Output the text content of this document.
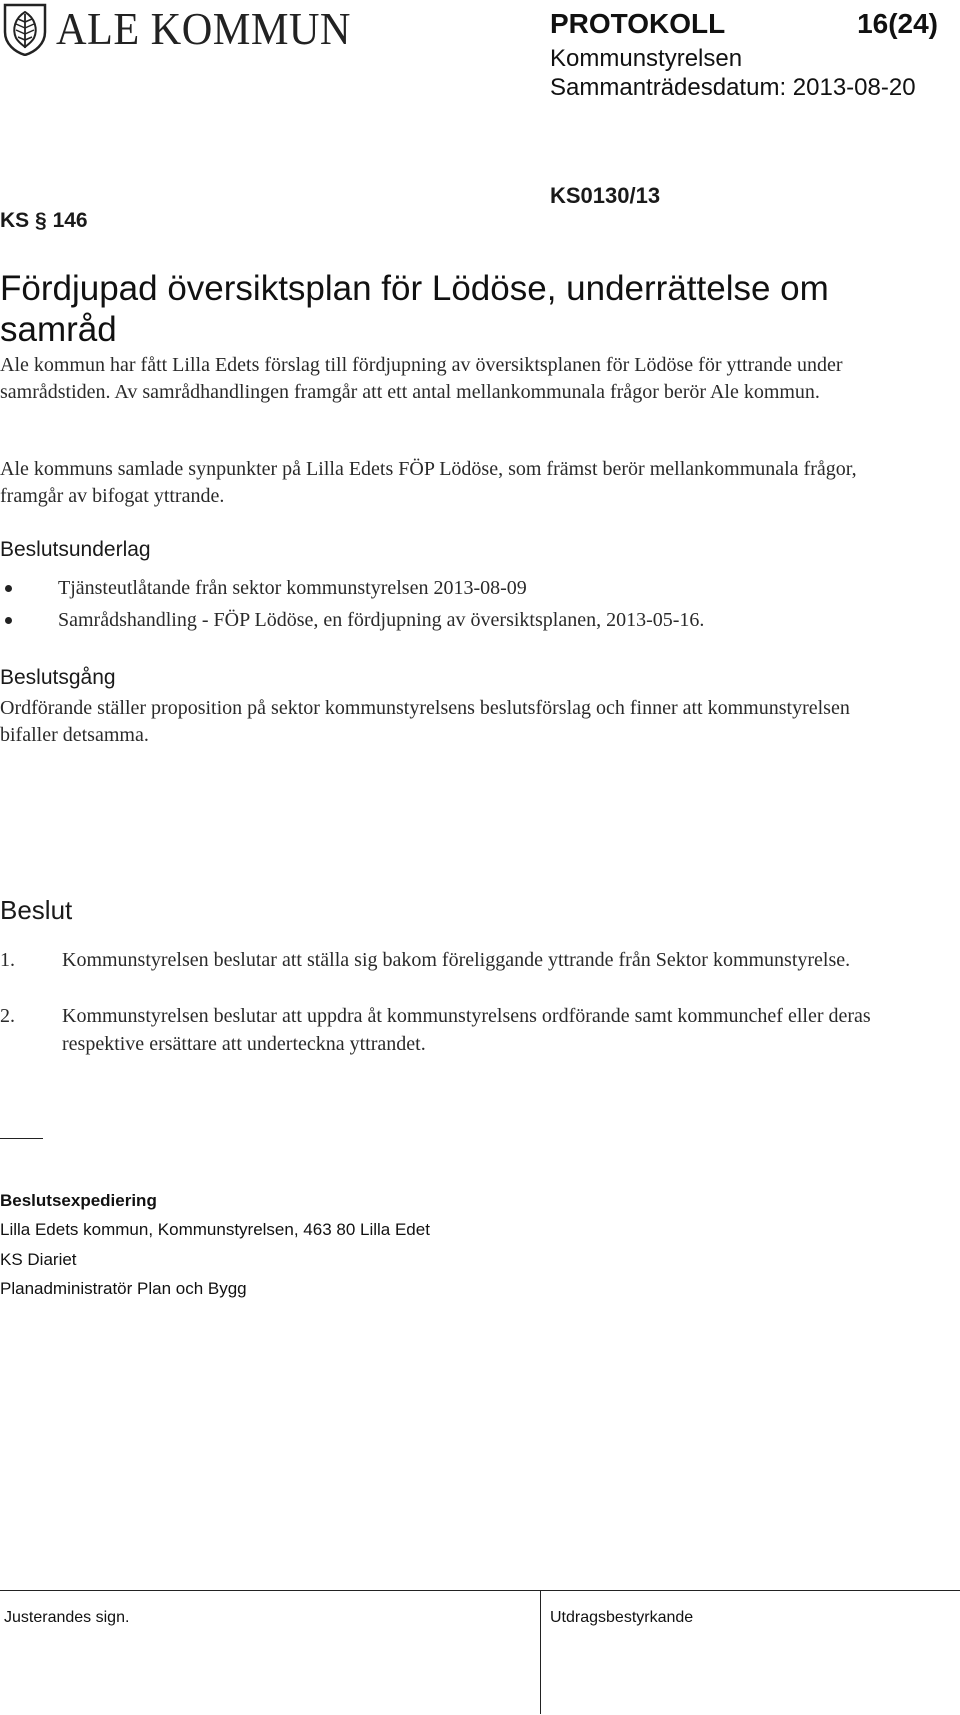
ALE KOMMUN	PROTOKOLL	16(24)
Kommunstyrelsen
Sammanträdesdatum: 2013-08-20
KS § 146
KS0130/13
Fördjupad översiktsplan för Lödöse, underrättelse om samråd
Ale kommun har fått Lilla Edets förslag till fördjupning av översiktsplanen för Lödöse för yttrande under samrådstiden. Av samrådhandlingen framgår att ett antal mellankommunala frågor berör Ale kommun.
Ale kommuns samlade synpunkter på Lilla Edets FÖP Lödöse, som främst berör mellankommunala frågor, framgår av bifogat yttrande.
Beslutsunderlag
Tjänsteutlåtande från sektor kommunstyrelsen 2013-08-09
Samrådshandling - FÖP Lödöse, en fördjupning av översiktsplanen, 2013-05-16.
Beslutsgång
Ordförande ställer proposition på sektor kommunstyrelsens beslutsförslag och finner att kommunstyrelsen bifaller detsamma.
Beslut
1.	Kommunstyrelsen beslutar att ställa sig bakom föreliggande yttrande från Sektor kommunstyrelse.
2.	Kommunstyrelsen beslutar att uppdra åt kommunstyrelsens ordförande samt kommunchef eller deras respektive ersättare att underteckna yttrandet.
Beslutsexpediering
Lilla Edets kommun, Kommunstyrelsen, 463 80 Lilla Edet
KS Diariet
Planadministratör Plan och Bygg
Justerandes sign.	Utdragsbestyrkande
